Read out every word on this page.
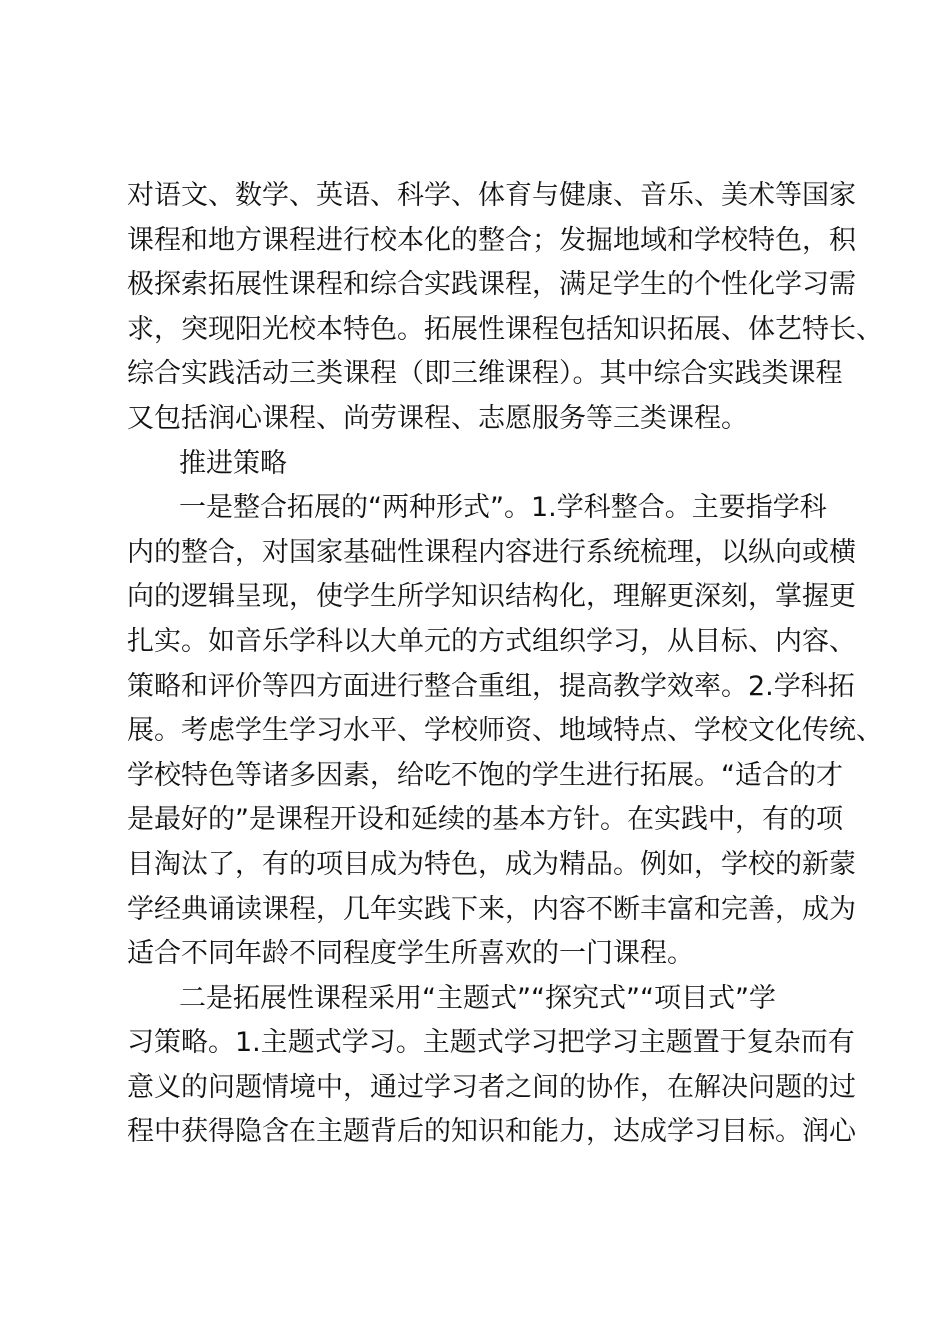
对语文、数学、英语、科学、体育与健康、音乐、美术等国家
课程和地方课程进行校本化的整合；发掘地域和学校特色，积
极探索拓展性课程和综合实践课程，满足学生的个性化学习需
求，突现阳光校本特色。拓展性课程包括知识拓展、体艺特长、
综合实践活动三类课程（即三维课程）。其中综合实践类课程
又包括润心课程、尚劳课程、志愿服务等三类课程。
推进策略
一是整合拓展的“两种形式”。1.学科整合。主要指学科
内的整合，对国家基础性课程内容进行系统梳理，以纵向或横
向的逻辑呈现，使学生所学知识结构化，理解更深刻，掌握更
扎实。如音乐学科以大单元的方式组织学习，从目标、内容、
策略和评价等四方面进行整合重组，提高教学效率。2.学科拓
展。考虑学生学习水平、学校师资、地域特点、学校文化传统、
学校特色等诸多因素，给吃不饱的学生进行拓展。“适合的才
是最好的”是课程开设和延续的基本方针。在实践中，有的项
目淘汰了，有的项目成为特色，成为精品。例如，学校的新蒙
学经典诵读课程，几年实践下来，内容不断丰富和完善，成为
适合不同年龄不同程度学生所喜欢的一门课程。
二是拓展性课程采用“主题式”“探究式”“项目式”学
习策略。1.主题式学习。主题式学习把学习主题置于复杂而有
意义的问题情境中，通过学习者之间的协作，在解决问题的过
程中获得隐含在主题背后的知识和能力，达成学习目标。润心
